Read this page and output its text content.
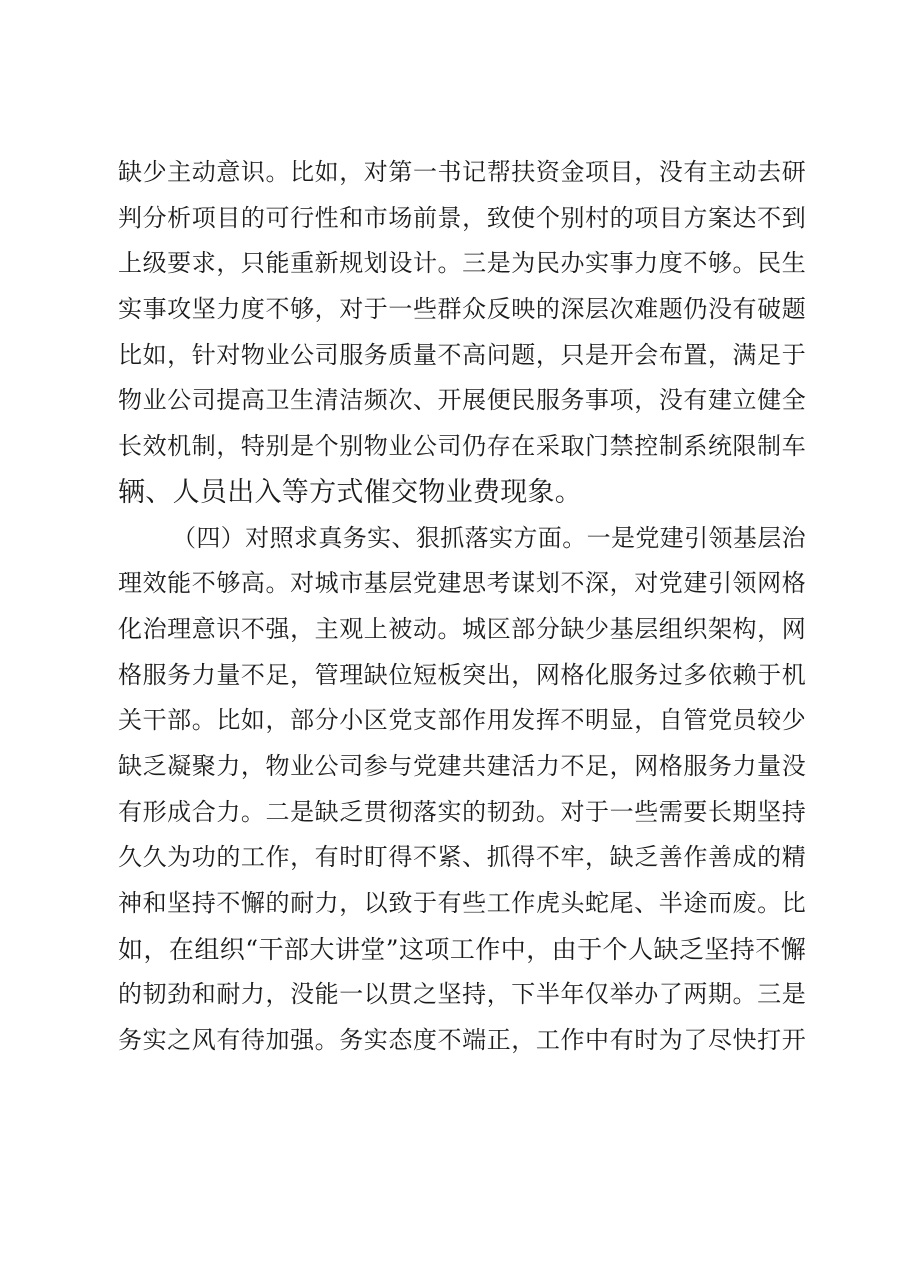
缺少主动意识。比如，对第一书记帮扶资金项目，没有主动去研
判分析项目的可行性和市场前景，致使个别村的项目方案达不到
上级要求，只能重新规划设计。三是为民办实事力度不够。民生
实事攻坚力度不够，对于一些群众反映的深层次难题仍没有破题
比如，针对物业公司服务质量不高问题，只是开会布置，满足于
物业公司提高卫生清洁频次、开展便民服务事项，没有建立健全
长效机制，特别是个别物业公司仍存在采取门禁控制系统限制车
辆、人员出入等方式催交物业费现象。
（四）对照求真务实、狠抓落实方面。一是党建引领基层治
理效能不够高。对城市基层党建思考谋划不深，对党建引领网格
化治理意识不强，主观上被动。城区部分缺少基层组织架构，网
格服务力量不足，管理缺位短板突出，网格化服务过多依赖于机
关干部。比如，部分小区党支部作用发挥不明显，自管党员较少
缺乏凝聚力，物业公司参与党建共建活力不足，网格服务力量没
有形成合力。二是缺乏贯彻落实的韧劲。对于一些需要长期坚持
久久为功的工作，有时盯得不紧、抓得不牢，缺乏善作善成的精
神和坚持不懈的耐力，以致于有些工作虎头蛇尾、半途而废。比
如，在组织“干部大讲堂”这项工作中，由于个人缺乏坚持不懈
的韧劲和耐力，没能一以贯之坚持，下半年仅举办了两期。三是
务实之风有待加强。务实态度不端正，工作中有时为了尽快打开
